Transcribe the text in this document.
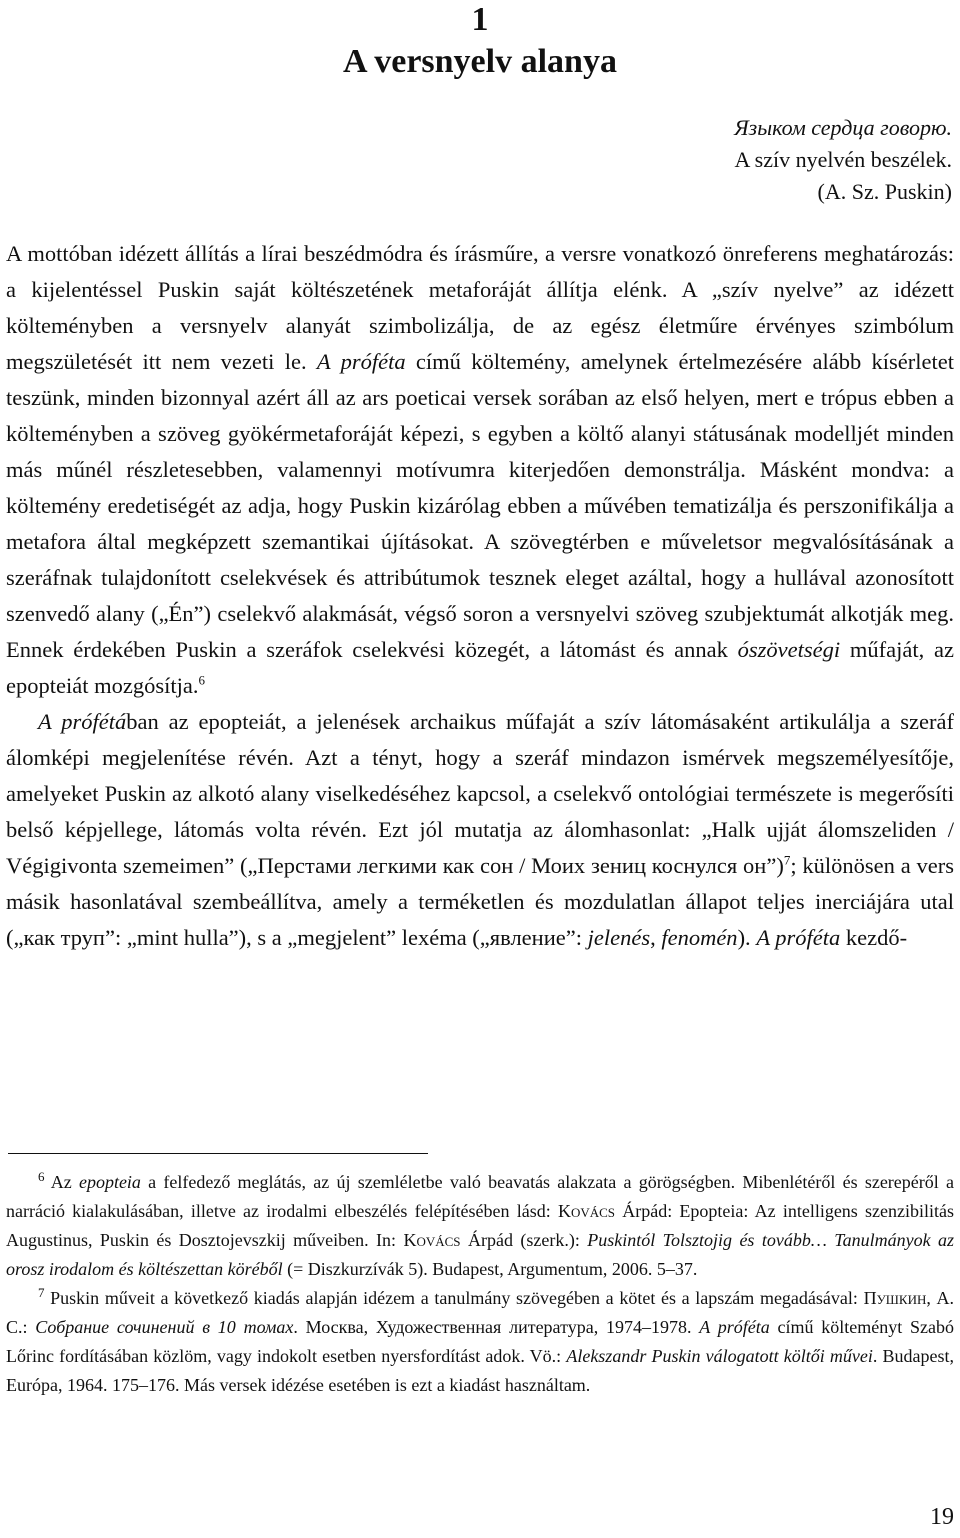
1
A versnyelv alanya
Языком сердца говорю.
A szív nyelvén beszélek.
(A. Sz. Puskin)

A mottóban idézett állítás a lírai beszédmódra és írásműre, a versre vonatkozó önreferens meghatározás: a kijelentéssel Puskin saját költészetének metaforáját állítja elénk. A „szív nyelve” az idézett költeményben a versnyelv alanyát szimbolizálja, de az egész életműre érvényes szimbólum megszületését itt nem vezeti le. A próféta című költemény, amelynek értelmezésére alább kísérletet teszünk, minden bizonnyal azért áll az ars poeticai versek sorában az első helyen, mert e trópus ebben a költeményben a szöveg gyökérmetaforáját képezi, s egyben a költő alanyi státusának modelljét minden más műnél részletesebben, valamennyi motívumra kiterjedően demonstrálja. Másként mondva: a költemény eredetiségét az adja, hogy Puskin kizárólag ebben a művében tematizálja és perszonifikálja a metafora által megképzett szemantikai újításokat. A szövegtérben e műveletsor megvalósításának a szeráfnak tulajdonított cselekvések és attribútumok tesznek eleget azáltal, hogy a hullával azonosított szenvedő alany („Én”) cselekvő alakmását, végső soron a versnyelvi szöveg szubjektumát alkotják meg. Ennek érdekében Puskin a szeráfok cselekvési közegét, a látomást és annak ószövetségi műfaját, az epopteiát mozgósítja.$^6$

A prófétában az epopteiát, a jelenések archaikus műfaját a szív látomásaként artikulálja a szeráf álomképi megjelenítése révén. Azt a tényt, hogy a szeráf mindazon ismérvek megszemélyesítője, amelyeket Puskin az alkotó alany viselkedéséhez kapcsol, a cselekvő ontológiai természete is megerősíti belső képjellege, látomás volta révén. Ezt jól mutatja az álomhasonlat: „Halk ujját álomszeliden / Végigivonta szemeimen” („Перстами легкими как сон / Моих зениц коснулся он”)$^7$; különösen a vers másik hasonlatával szembeállítva, amely a terméketlen és mozdulatlan állapot teljes inerciájára utal („как труп”: „mint hulla”), s a „megjelent” lexéma („явление”: jelenés, fenomén). A próféta kezdő-

$^6$ Az epopteia a felfedező meglátás, az új szemléletbe való beavatás alakzata a görögségben. Mibenlétéről és szerepéről a narráció kialakulásában, illetve az irodalmi elbeszélés felépítésében lásd: Kovács Árpád: Epopteia: Az intelligens szenzibilitás Augustinus, Puskin és Dosztojevszkij műveiben. In: Kovács Árpád (szerk.): Puskintól Tolsztojig és tovább… Tanulmányok az orosz irodalom és költészettan köréből (= Diszkurzívák 5). Budapest, Argumentum, 2006. 5–37.

$^7$ Puskin műveit a következő kiadás alapján idézem a tanulmány szövegében a kötet és a lapszám megadásával: Пушкин, А. С.: Собрание сочинений в 10 томах. Москва, Художественная литература, 1974–1978. A próféta című költeményt Szabó Lőrinc fordításában közlöm, vagy indokolt esetben nyersfordítást adok. Vö.: Alekszandr Puskin válogatott költői művei. Budapest, Európa, 1964. 175–176. Más versek idézése esetében is ezt a kiadást használtam.

19
